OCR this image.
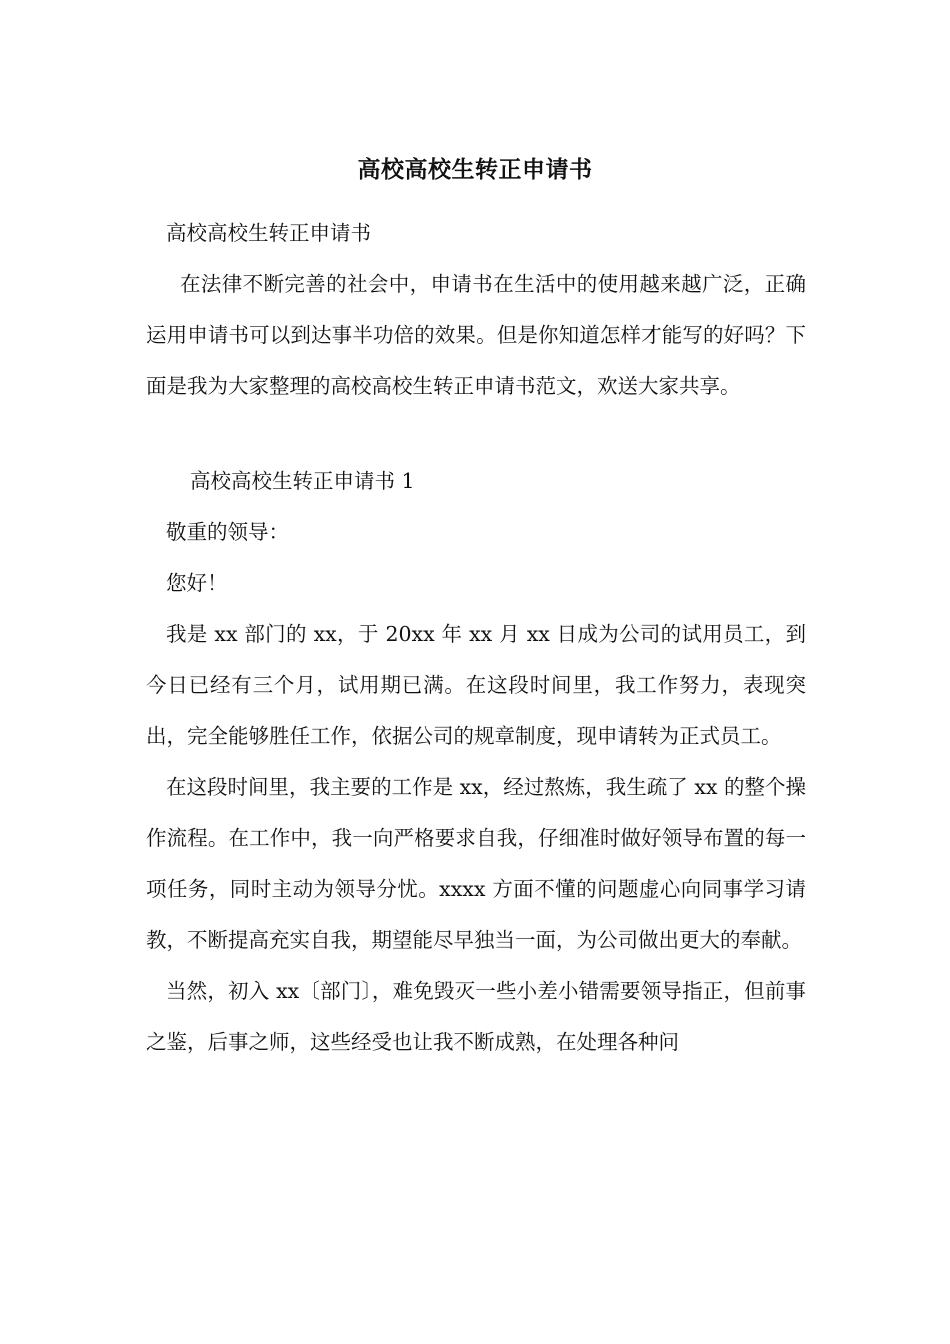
高校高校生转正申请书

高校高校生转正申请书

在法律不断完善的社会中，申请书在生活中的使用越来越广泛，正确运用申请书可以到达事半功倍的效果。但是你知道怎样才能写的好吗？下面是我为大家整理的高校高校生转正申请书范文，欢送大家共享。

高校高校生转正申请书 1

敬重的领导：

您好！

我是 xx 部门的 xx，于 20xx 年 xx 月 xx 日成为公司的试用员工，到今日已经有三个月，试用期已满。在这段时间里，我工作努力，表现突出，完全能够胜任工作，依据公司的规章制度，现申请转为正式员工。

在这段时间里，我主要的工作是 xx，经过熬炼，我生疏了 xx 的整个操作流程。在工作中，我一向严格要求自我，仔细准时做好领导布置的每一项任务，同时主动为领导分忧。xxxx 方面不懂的问题虚心向同事学习请教，不断提高充实自我，期望能尽早独当一面，为公司做出更大的奉献。

当然，初入 xx〔部门〕，难免毁灭一些小差小错需要领导指正，但前事之鉴，后事之师，这些经受也让我不断成熟，在处理各种问
